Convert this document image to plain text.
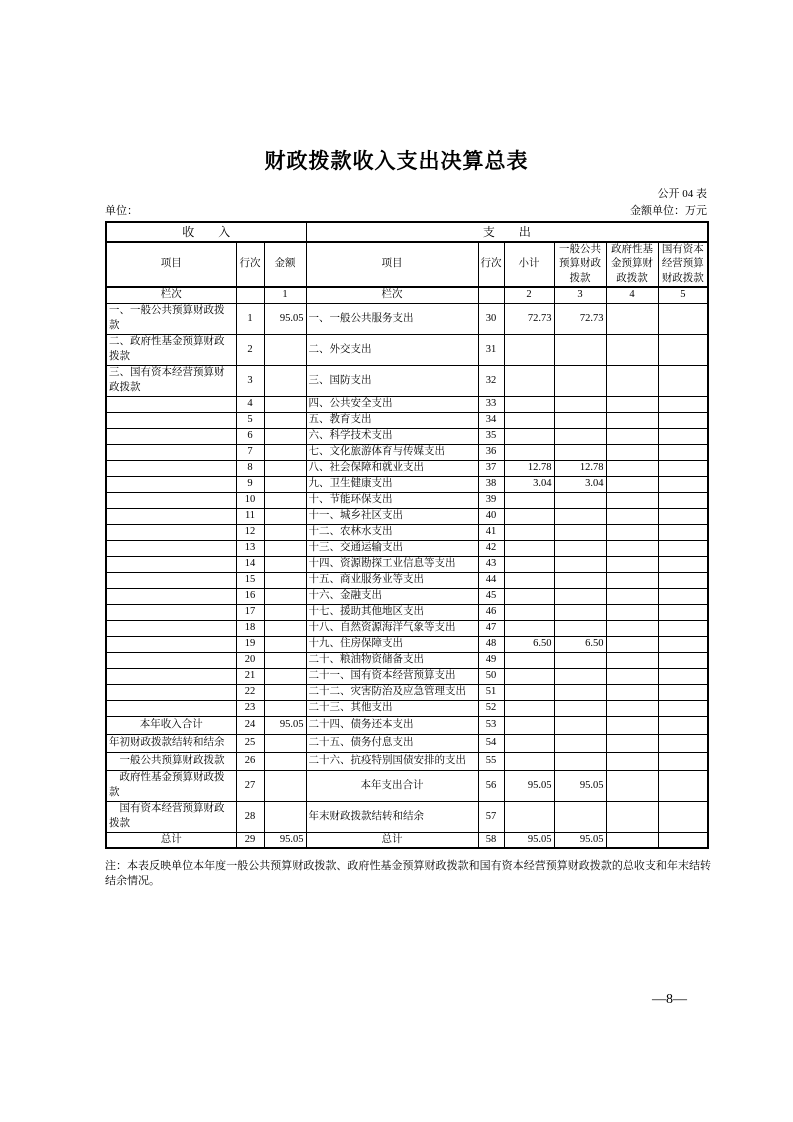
财政拨款收入支出决算总表
公开 04 表
单位：	金额单位：万元
收　　入			支　　出					
项目	行次	金额	项目	行次	小计	一般公共预算财政拨款	政府性基金预算财政拨款	国有资本经营预算财政拨款
栏次		1	栏次		2	3	4	5
一、一般公共预算财政拨款	1	95.05	一、一般公共服务支出	30	72.73	72.73		
二、政府性基金预算财政拨款	2		二、外交支出	31				
三、国有资本经营预算财政拨款	3		三、国防支出	32				
	4		四、公共安全支出	33				
	5		五、教育支出	34				
	6		六、科学技术支出	35				
	7		七、文化旅游体育与传媒支出	36				
	8		八、社会保障和就业支出	37	12.78	12.78		
	9		九、卫生健康支出	38	3.04	3.04		
	10		十、节能环保支出	39				
	11		十一、城乡社区支出	40				
	12		十二、农林水支出	41				
	13		十三、交通运输支出	42				
	14		十四、资源勘探工业信息等支出	43				
	15		十五、商业服务业等支出	44				
	16		十六、金融支出	45				
	17		十七、援助其他地区支出	46				
	18		十八、自然资源海洋气象等支出	47				
	19		十九、住房保障支出	48	6.50	6.50		
	20		二十、粮油物资储备支出	49				
	21		二十一、国有资本经营预算支出	50				
	22		二十二、灾害防治及应急管理支出	51				
	23		二十三、其他支出	52				
本年收入合计	24	95.05	二十四、债务还本支出	53				
年初财政拨款结转和结余	25		二十五、债务付息支出	54				
　一般公共预算财政拨款	26		二十六、抗疫特别国债安排的支出	55				
　政府性基金预算财政拨款	27		本年支出合计	56	95.05	95.05		
　国有资本经营预算财政拨款	28		年末财政拨款结转和结余	57				
总计	29	95.05	总计	58	95.05	95.05		
注：本表反映单位本年度一般公共预算财政拨款、政府性基金预算财政拨款和国有资本经营预算财政拨款的总收支和年末结转结余情况。
—8—
